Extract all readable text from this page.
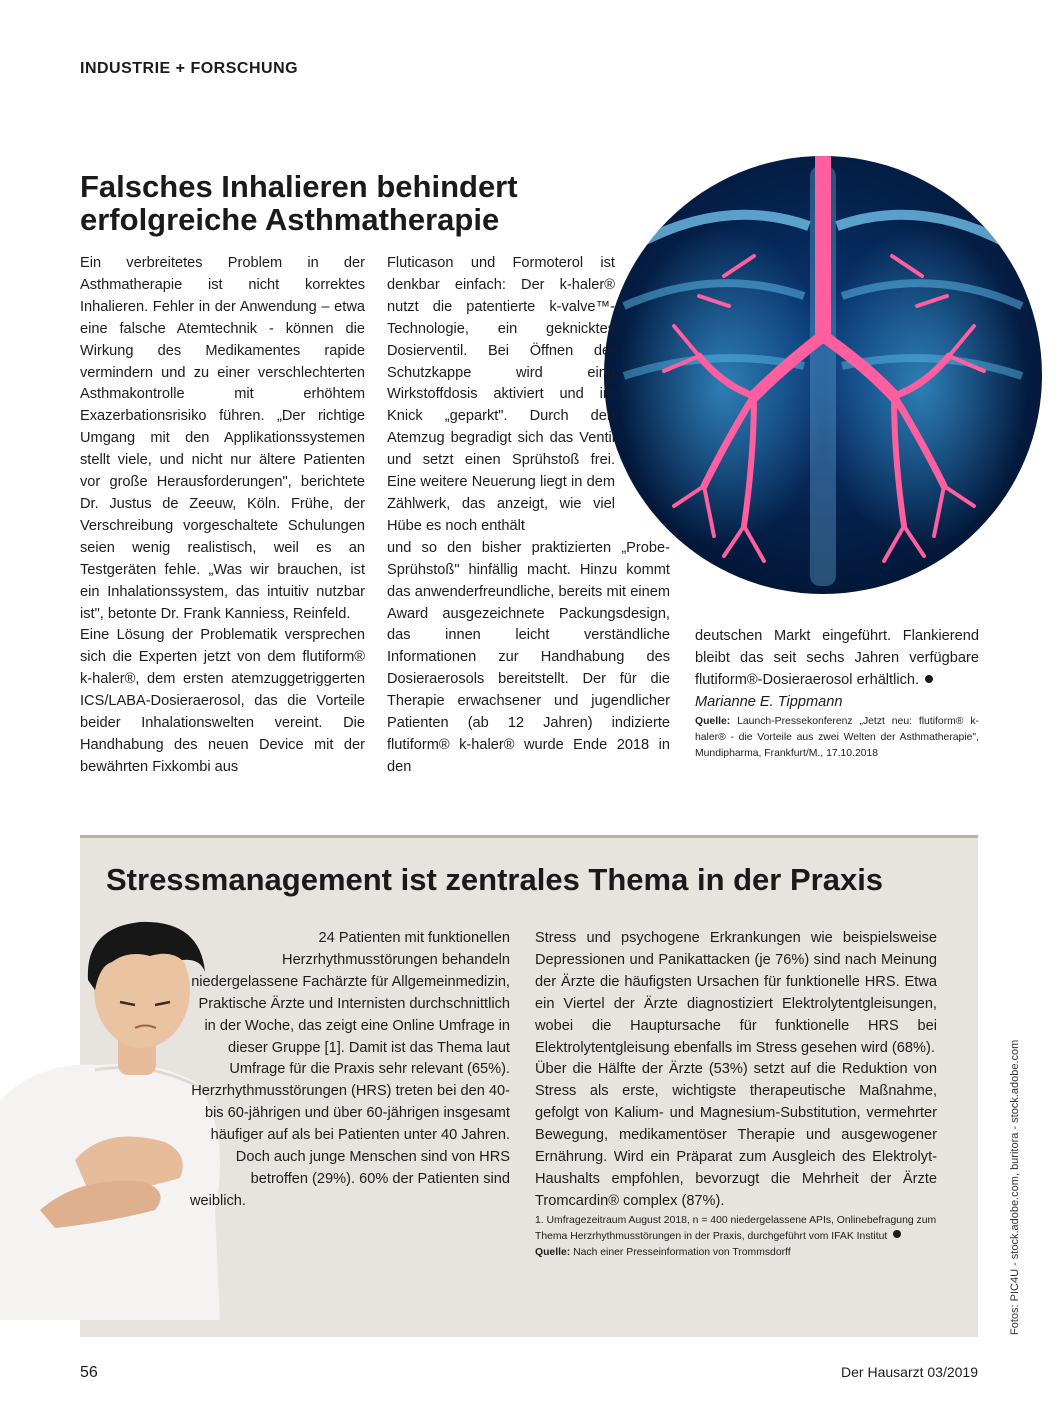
INDUSTRIE + FORSCHUNG
Falsches Inhalieren behindert erfolgreiche Asthmatherapie

Ein verbreitetes Problem in der Asthmatherapie ist nicht korrektes Inhalieren. Fehler in der Anwendung – etwa eine falsche Atemtechnik - können die Wirkung des Medikamentes rapide vermindern und zu einer verschlechterten Asthmakontrolle mit erhöhtem Exazerbationsrisiko führen. „Der richtige Umgang mit den Applikationssystemen stellt viele, und nicht nur ältere Patienten vor große Herausforderungen", berichtete Dr. Justus de Zeeuw, Köln. Frühe, der Verschreibung vorgeschaltete Schulungen seien wenig realistisch, weil es an Testgeräten fehle. „Was wir brauchen, ist ein Inhalationssystem, das intuitiv nutzbar ist", betonte Dr. Frank Kanniess, Reinfeld.

Eine Lösung der Problematik versprechen sich die Experten jetzt von dem flutiform® k-haler®, dem ersten atemzuggetriggerten ICS/LABA-Dosieraerosol, das die Vorteile beider Inhalationswelten vereint. Die Handhabung des neuen Device mit der bewährten Fixkombi aus

Fluticason und Formoterol ist denkbar einfach: Der k-haler® nutzt die patentierte k-valve™-Technologie, ein geknicktes Dosierventil. Bei Öffnen der Schutzkappe wird eine Wirkstoffdosis aktiviert und im Knick „geparkt". Durch den Atemzug begradigt sich das Ventil und setzt einen Sprühstoß frei. Eine weitere Neuerung liegt in dem Zählwerk, das anzeigt, wie viel Hübe es noch enthält

und so den bisher praktizierten „Probe-Sprühstoß" hinfällig macht. Hinzu kommt das anwenderfreundliche, bereits mit einem Award ausgezeichnete Packungsdesign, das innen leicht verständliche Informationen zur Handhabung des Dosieraerosols bereitstellt. Der für die Therapie erwachsener und jugendlicher Patienten (ab 12 Jahren) indizierte flutiform® k-haler® wurde Ende 2018 in den

deutschen Markt eingeführt. Flankierend bleibt das seit sechs Jahren verfügbare flutiform®-Dosieraerosol erhältlich.

Marianne E. Tippmann

Quelle: Launch-Pressekonferenz „Jetzt neu: flutiform® k-haler® - die Vorteile aus zwei Welten der Asthmatherapie", Mundipharma, Frankfurt/M., 17.10.2018

Stressmanagement ist zentrales Thema in der Praxis

24 Patienten mit funktionellen Herzrhythmusstörungen behandeln niedergelassene Fachärzte für Allgemeinmedizin, Praktische Ärzte und Internisten durchschnittlich in der Woche, das zeigt eine Online Umfrage in dieser Gruppe [1]. Damit ist das Thema laut Umfrage für die Praxis sehr relevant (65%).

Herzrhythmusstörungen (HRS) treten bei den 40- bis 60-jährigen und über 60-jährigen insgesamt häufiger auf als bei Patienten unter 40 Jahren. Doch auch junge Menschen sind von HRS betroffen (29%). 60% der Patienten sind

weiblich.

Stress und psychogene Erkrankungen wie beispielsweise Depressionen und Panikattacken (je 76%) sind nach Meinung der Ärzte die häufigsten Ursachen für funktionelle HRS. Etwa ein Viertel der Ärzte diagnostiziert Elektrolytentgleisungen, wobei die Hauptursache für funktionelle HRS bei Elektrolytentgleisung ebenfalls im Stress gesehen wird (68%).

Über die Hälfte der Ärzte (53%) setzt auf die Reduktion von Stress als erste, wichtigste therapeutische Maßnahme, gefolgt von Kalium- und Magnesium-Substitution, vermehrter Bewegung, medikamentöser Therapie und ausgewogener Ernährung. Wird ein Präparat zum Ausgleich des Elektrolyt-Haushalts empfohlen, bevorzugt die Mehrheit der Ärzte Tromcardin® complex (87%).

1. Umfragezeitraum August 2018, n = 400 niedergelassene APIs, Onlinebefragung zum Thema Herzrhythmusstörungen in der Praxis, durchgeführt vom IFAK Institut

Quelle: Nach einer Presseinformation von Trommsdorff	Fotos: PIC4U - stock.adobe.com, buritora - stock.adobe.com
56	Der Hausarzt 03/2019
